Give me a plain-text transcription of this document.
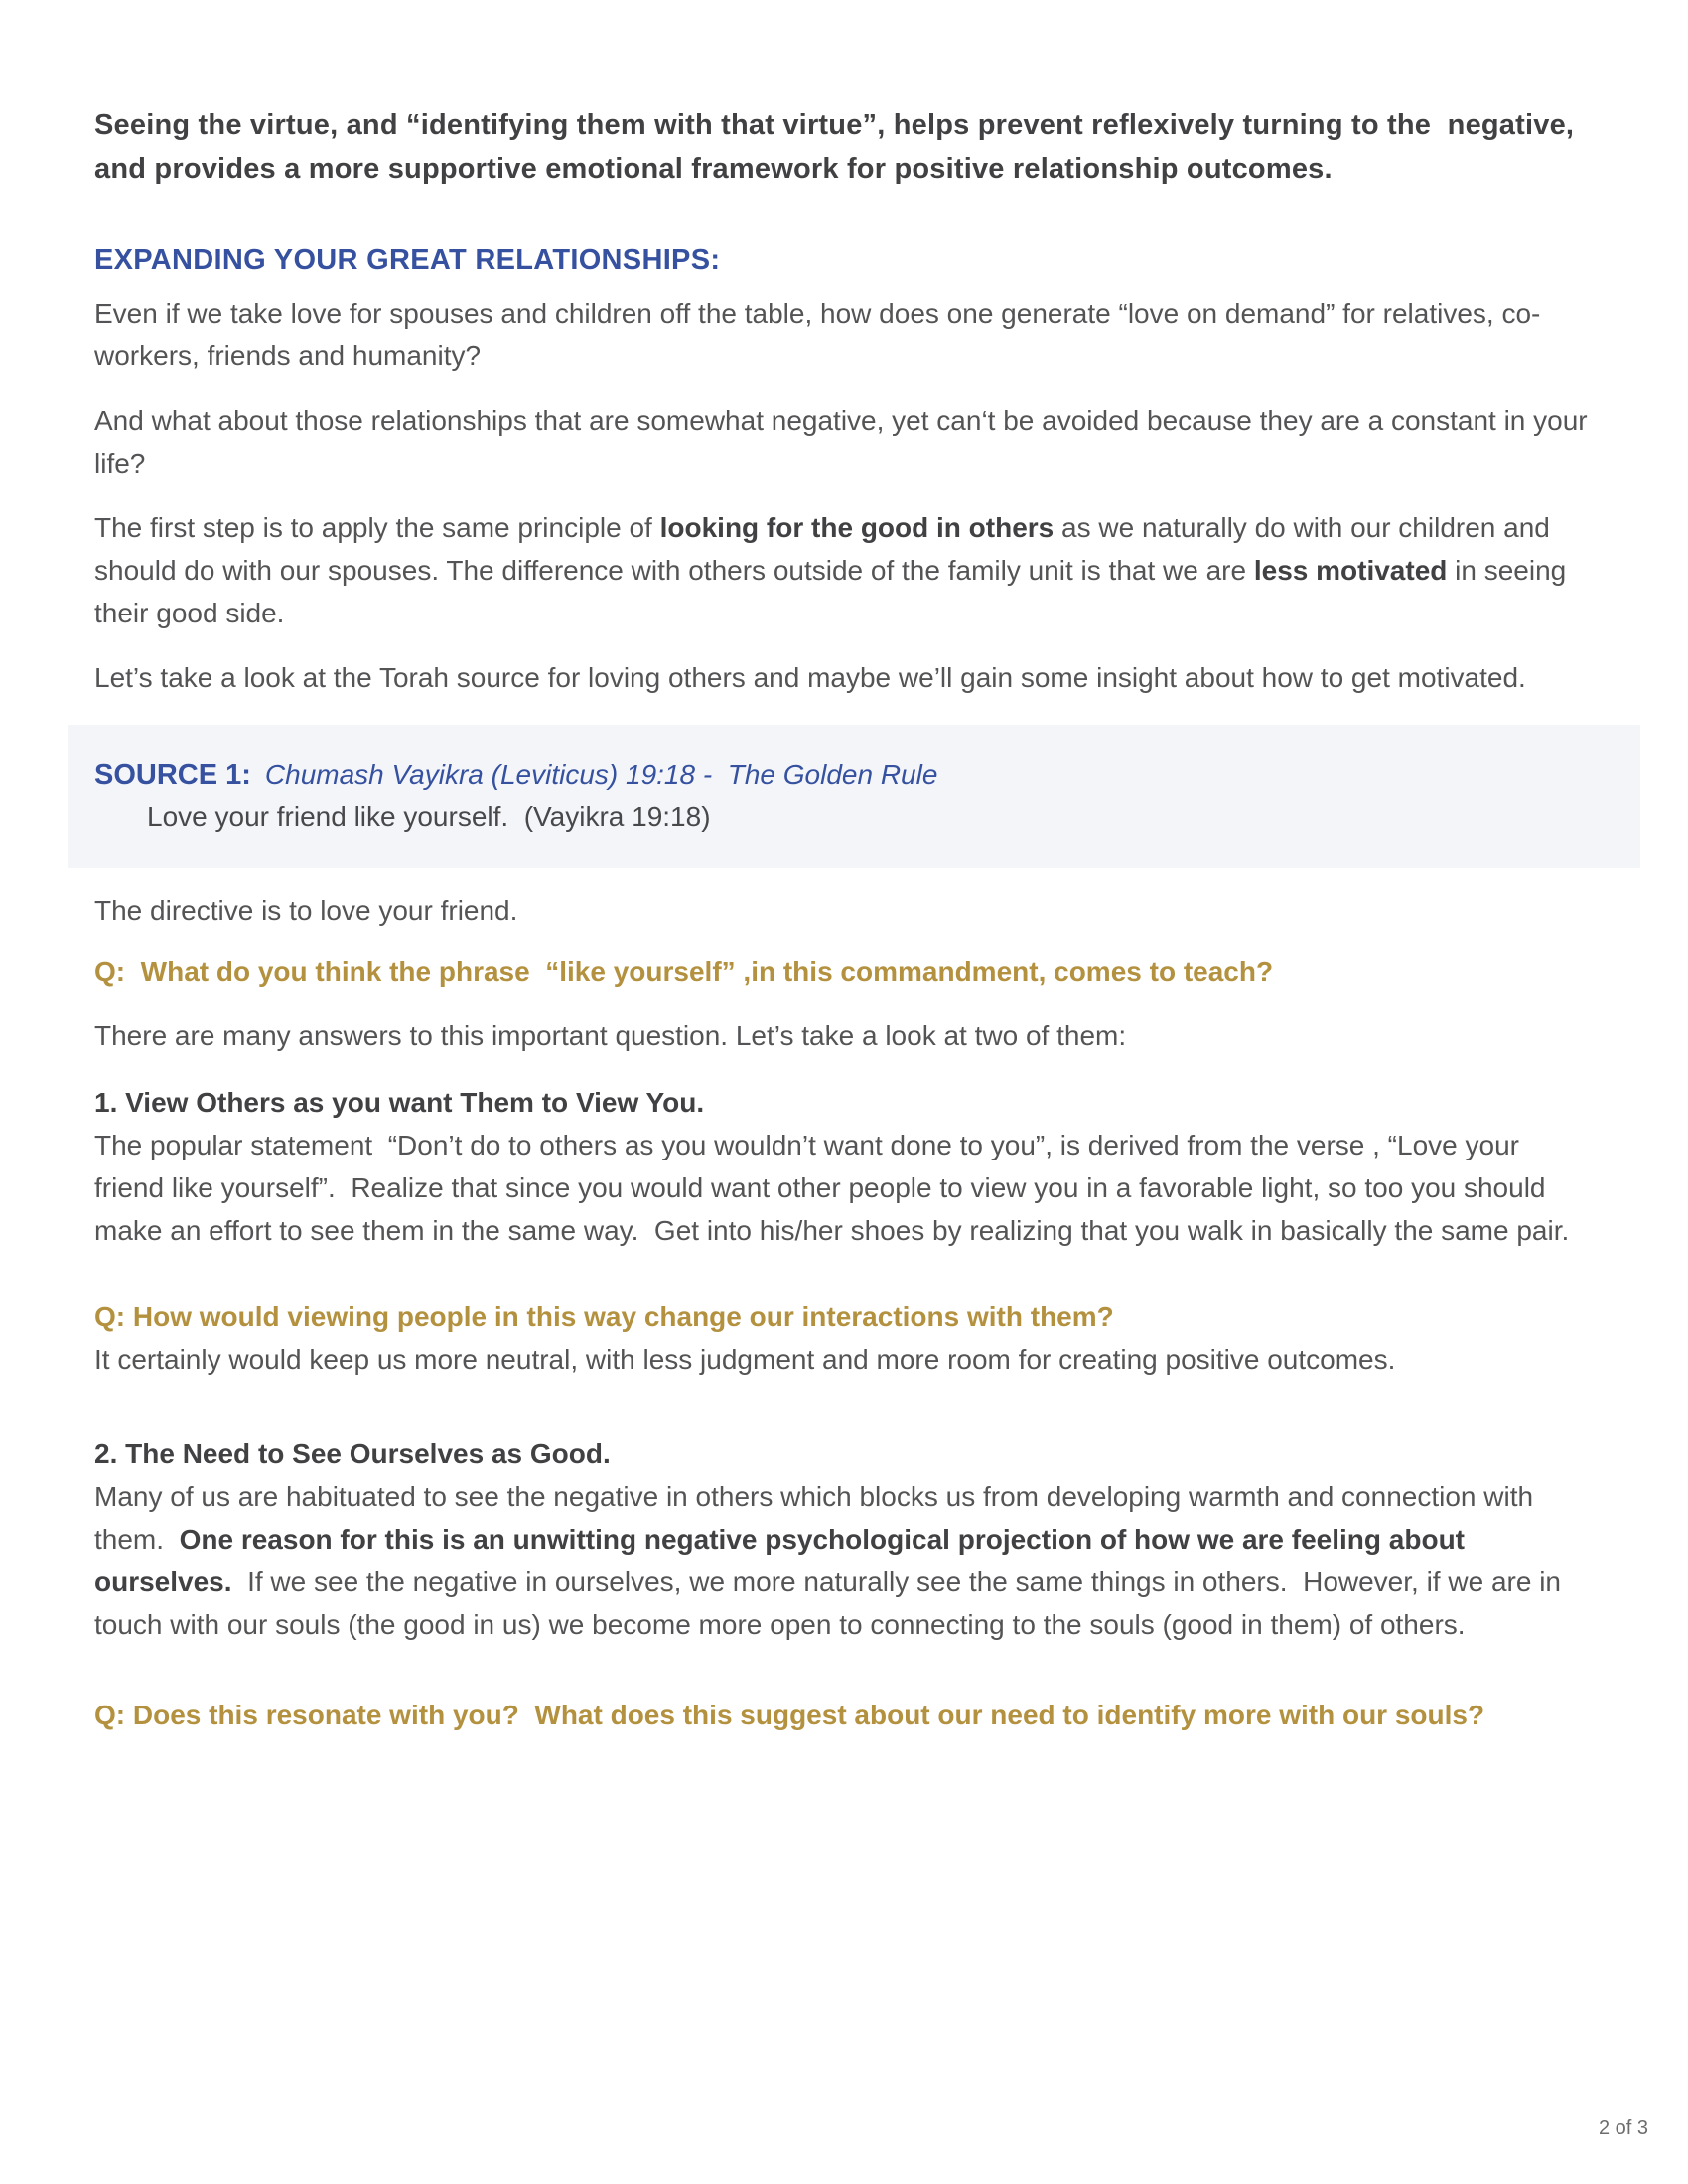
Seeing the virtue, and “identifying them with that virtue”, helps prevent reflexively turning to the  negative, and provides a more supportive emotional framework for positive relationship outcomes.

EXPANDING YOUR GREAT RELATIONSHIPS:

Even if we take love for spouses and children off the table, how does one generate “love on demand” for relatives, co-workers, friends and humanity?

And what about those relationships that are somewhat negative, yet can‘t be avoided because they are a constant in your life?

The first step is to apply the same principle of looking for the good in others as we naturally do with our children and should do with our spouses. The difference with others outside of the family unit is that we are less motivated in seeing their good side.

Let’s take a look at the Torah source for loving others and maybe we’ll gain some insight about how to get motivated.

SOURCE 1: Chumash Vayikra (Leviticus) 19:18 -  The Golden Rule

Love your friend like yourself.  (Vayikra 19:18)

The directive is to love your friend.

Q:  What do you think the phrase  “like yourself” ,in this commandment, comes to teach?

There are many answers to this important question. Let’s take a look at two of them:

1. View Others as you want Them to View You.

The popular statement  “Don’t do to others as you wouldn’t want done to you”, is derived from the verse , “Love your friend like yourself”.  Realize that since you would want other people to view you in a favorable light, so too you should make an effort to see them in the same way.  Get into his/her shoes by realizing that you walk in basically the same pair.

Q: How would viewing people in this way change our interactions with them?

It certainly would keep us more neutral, with less judgment and more room for creating positive outcomes.

2. The Need to See Ourselves as Good.

Many of us are habituated to see the negative in others which blocks us from developing warmth and connection with them.  One reason for this is an unwitting negative psychological projection of how we are feeling about ourselves.  If we see the negative in ourselves, we more naturally see the same things in others.  However, if we are in touch with our souls (the good in us) we become more open to connecting to the souls (good in them) of others.

Q: Does this resonate with you?  What does this suggest about our need to identify more with our souls?

2 of 3
